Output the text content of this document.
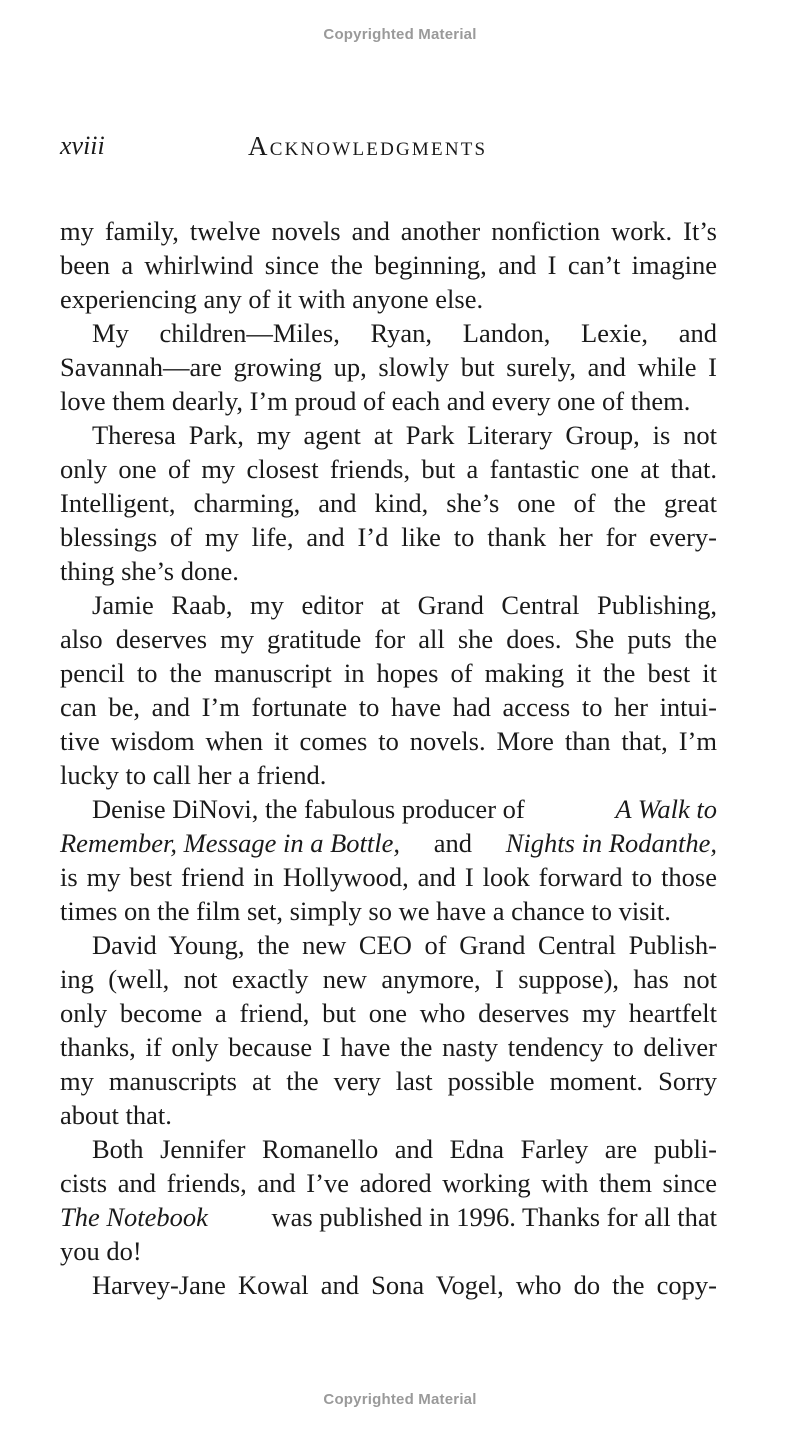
Copyrighted Material
xviii	Acknowledgments

my family, twelve novels and another nonfiction work. It’s
been a whirlwind since the beginning, and I can’t imagine
experiencing any of it with anyone else.

My children—Miles, Ryan, Landon, Lexie, and
Savannah—are growing up, slowly but surely, and while I
love them dearly, I’m proud of each and every one of them.

Theresa Park, my agent at Park Literary Group, is not
only one of my closest friends, but a fantastic one at that.
Intelligent, charming, and kind, she’s one of the great
blessings of my life, and I’d like to thank her for every-
thing she’s done.

Jamie Raab, my editor at Grand Central Publishing,
also deserves my gratitude for all she does. She puts the
pencil to the manuscript in hopes of making it the best it
can be, and I’m fortunate to have had access to her intui-
tive wisdom when it comes to novels. More than that, I’m
lucky to call her a friend.

Denise DiNovi, the fabulous producer of	A Walk to
Remember, Message in a Bottle, and Nights in Rodanthe,
is my best friend in Hollywood, and I look forward to those
times on the film set, simply so we have a chance to visit.

David Young, the new CEO of Grand Central Publish-
ing (well, not exactly new anymore, I suppose), has not
only become a friend, but one who deserves my heartfelt
thanks, if only because I have the nasty tendency to deliver
my manuscripts at the very last possible moment. Sorry
about that.

Both Jennifer Romanello and Edna Farley are publi-
cists and friends, and I’ve adored working with them since
The Notebook was published in 1996. Thanks for all that
you do!

Harvey-Jane Kowal and Sona Vogel, who do the copy-

Copyrighted Material
